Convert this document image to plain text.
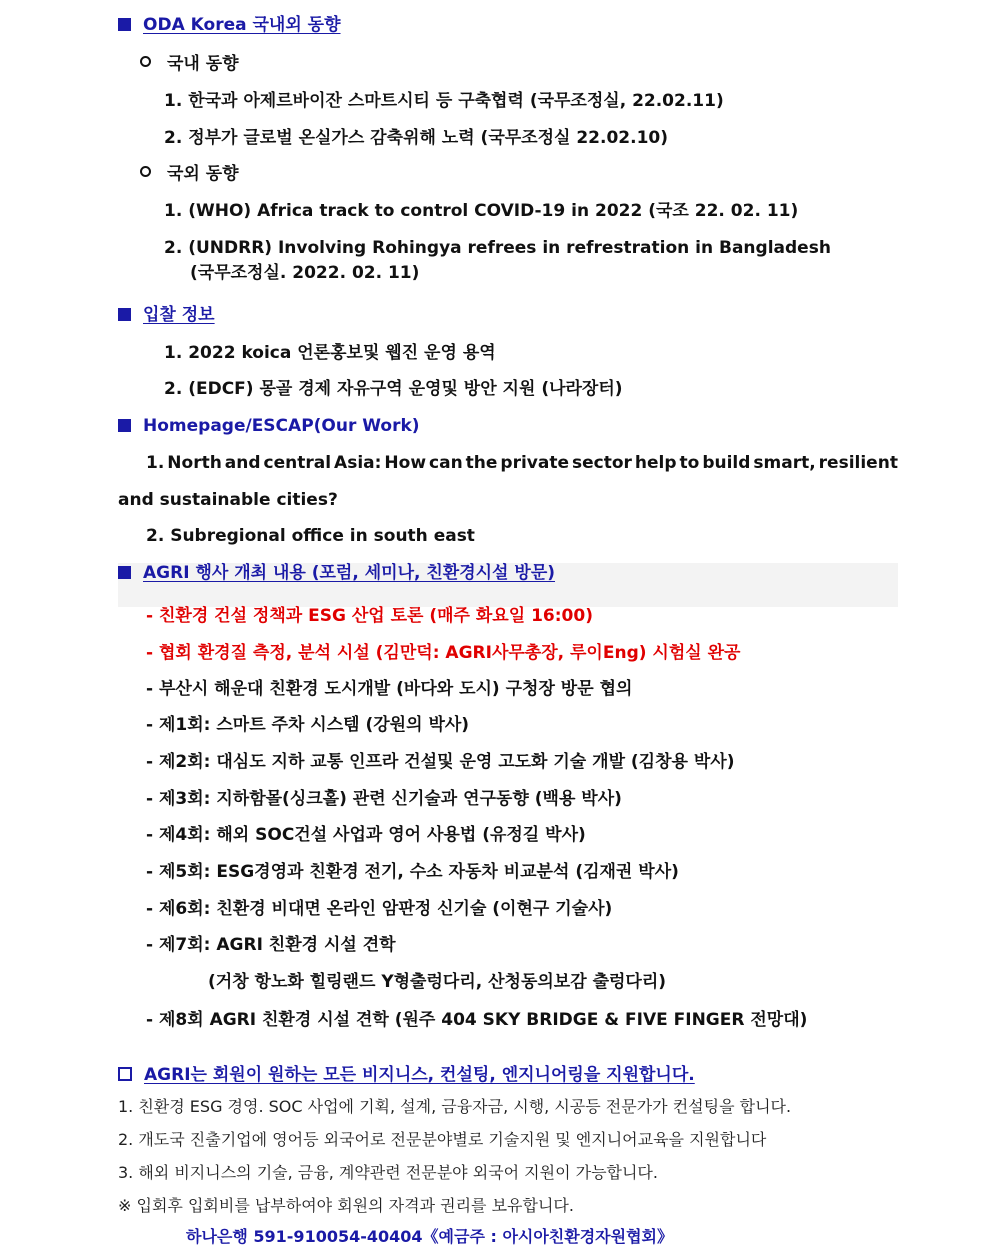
ODA Korea 국내외 동향
국내 동향
1. 한국과 아제르바이잔 스마트시티 등 구축협력 (국무조정실, 22.02.11)
2. 정부가 글로벌 온실가스 감축위해 노력 (국무조정실 22.02.10)
국외 동향
1. (WHO) Africa track to control COVID-19 in 2022 (국조 22. 02. 11)
2. (UNDRR) Involving Rohingya refrees in refrestration in Bangladesh
(국무조정실. 2022. 02. 11)
입찰 정보
1. 2022 koica 언론홍보및 웹진 운영 용역
2. (EDCF) 몽골 경제 자유구역 운영및 방안 지원 (나라장터)
Homepage/ESCAP(Our Work)
1. North and central Asia: How can the private sector help to build smart, resilient
and sustainable cities?
2. Subregional office in south east
AGRI 행사 개최 내용 (포럼, 세미나, 친환경시설 방문)
- 친환경 건설 정책과 ESG 산업 토론 (매주 화요일 16:00)
- 협회 환경질 측정, 분석 시설 (김만덕: AGRI사무총장, 루이Eng) 시험실 완공
- 부산시 해운대 친환경 도시개발 (바다와 도시) 구청장 방문 협의
- 제1회: 스마트 주차 시스템 (강원의 박사)
- 제2회: 대심도 지하 교통 인프라 건설및 운영 고도화 기술 개발 (김창용 박사)
- 제3회: 지하함몰(싱크홀) 관련 신기술과 연구동향 (백용 박사)
- 제4회: 해외 SOC건설 사업과 영어 사용법 (유정길 박사)
- 제5회: ESG경영과 친환경 전기, 수소 자동차 비교분석 (김재권 박사)
- 제6회: 친환경 비대면 온라인 암판정 신기술 (이현구 기술사)
- 제7회: AGRI 친환경 시설 견학
(거창 항노화 힐링랜드 Y형출렁다리, 산청동의보감 출렁다리)
- 제8회 AGRI 친환경 시설 견학 (원주 404 SKY BRIDGE & FIVE FINGER 전망대)
AGRI는 회원이 원하는 모든 비지니스, 컨설팅, 엔지니어링을 지원합니다.
1. 친환경 ESG 경영. SOC 사업에 기획, 설계, 금융자금, 시행, 시공등 전문가가 컨설팅을 합니다.
2. 개도국 진출기업에 영어등 외국어로 전문분야별로 기술지원 및 엔지니어교육을 지원합니다
3. 해외 비지니스의 기술, 금융, 계약관련 전문분야 외국어 지원이 가능합니다.
※ 입회후 입회비를 납부하여야 회원의 자격과 권리를 보유합니다.
하나은행 591-910054-40404《예금주 : 아시아친환경자원협회》
